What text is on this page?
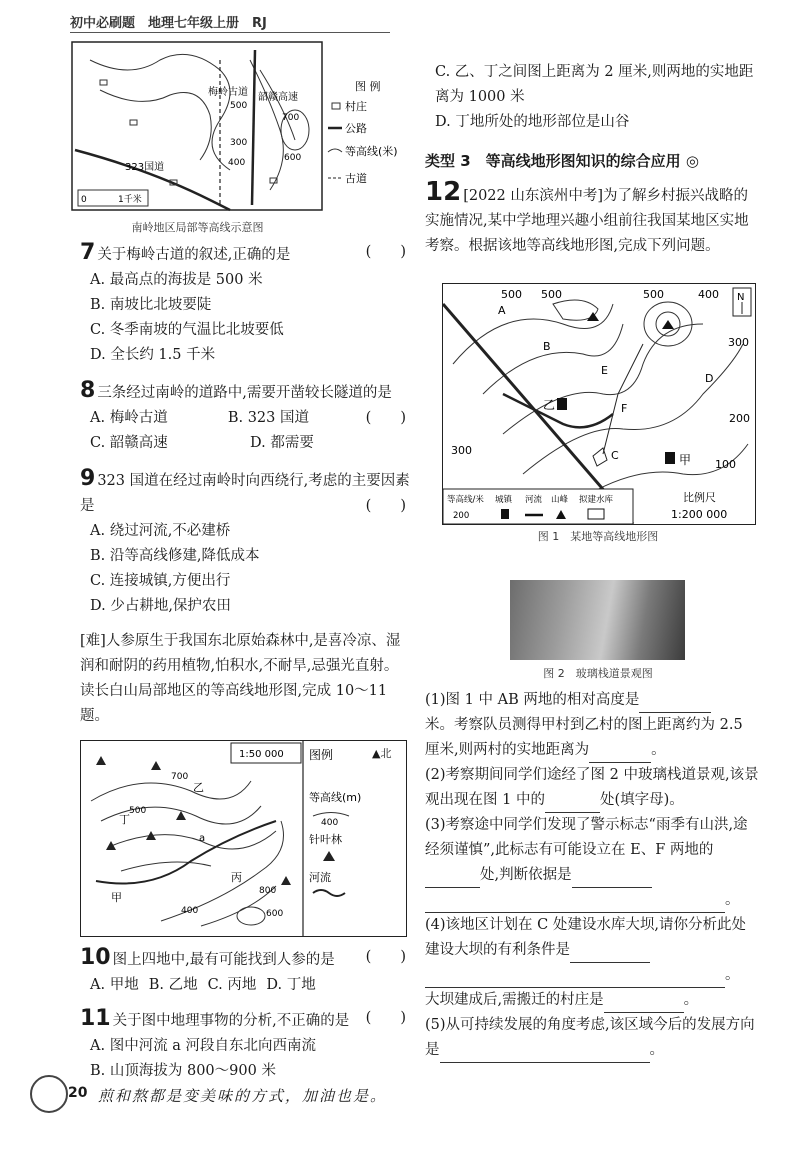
初中必刷题　地理七年级上册　RJ
梅岭古道 韶赣高速
323国道
300
400
500
600
700
0	1千米
图 例
村庄
公路
等高线(米)
古道
南岭地区局部等高线示意图
7 关于梅岭古道的叙述,正确的是	(　　)
A. 最高点的海拔是 500 米
B. 南坡比北坡要陡
C. 冬季南坡的气温比北坡要低
D. 全长约 1.5 千米
8 三条经过南岭的道路中,需要开凿较长隧道的是
(　　)
A. 梅岭古道	B. 323 国道
C. 韶赣高速	D. 都需要
9 323 国道在经过南岭时向西绕行,考虑的主要因素是	(　　)
A. 绕过河流,不必建桥
B. 沿等高线修建,降低成本
C. 连接城镇,方便出行
D. 少占耕地,保护农田
[难]人参原生于我国东北原始森林中,是喜冷凉、湿润和耐阴的药用植物,怕积水,不耐旱,忌强光直射。读长白山局部地区的等高线地形图,完成 10～11 题。
1:50 000 图例
等高线(m)
400
针叶林
河流
乙
丁
丙
甲
a
700
500
800
600
400
▲北
10 图上四地中,最有可能找到人参的是 (　　)
A. 甲地 B. 乙地 C. 丙地 D. 丁地
11 关于图中地理事物的分析,不正确的是 (　　)
A. 图中河流 a 河段自东北向西南流
B. 山顶海拔为 800～900 米
C. 乙、丁之间图上距离为 2 厘米,则两地的实地距离为 1000 米
D. 丁地所处的地形部位是山谷
类型 3　等高线地形图知识的综合应用 ◎
12 [2022 山东滨州中考]为了解乡村振兴战略的实施情况,某中学地理兴趣小组前往我国某地区实地考察。根据该地等高线地形图,完成下列问题。
500 500	500	400
300
200
300
100
A
B
C
D
E
F
乙
甲
N
等高线/米 城镇 河流 山峰 拟建水库
200
比例尺
1:200 000
图 1　某地等高线地形图
图 2　玻璃栈道景观图
(1)图 1 中 AB 两地的相对高度是
米。考察队员测得甲村到乙村的图上距离约为 2.5 厘米,则两村的实地距离为	。
(2)考察期间同学们途经了图 2 中玻璃栈道景观,该景观出现在图 1 中的	处(填字母)。
(3)考察途中同学们发现了警示标志“雨季有山洪,途经须谨慎”,此标志有可能设立在 E、F 两地的处,判断依据是
。
(4)该地区计划在 C 处建设水库大坝,请你分析此处建设大坝的有利条件是
。
大坝建成后,需搬迁的村庄是	。
(5)从可持续发展的角度考虑,该区域今后的发展方向是	。
20 煎和熬都是变美味的方式，加油也是。
